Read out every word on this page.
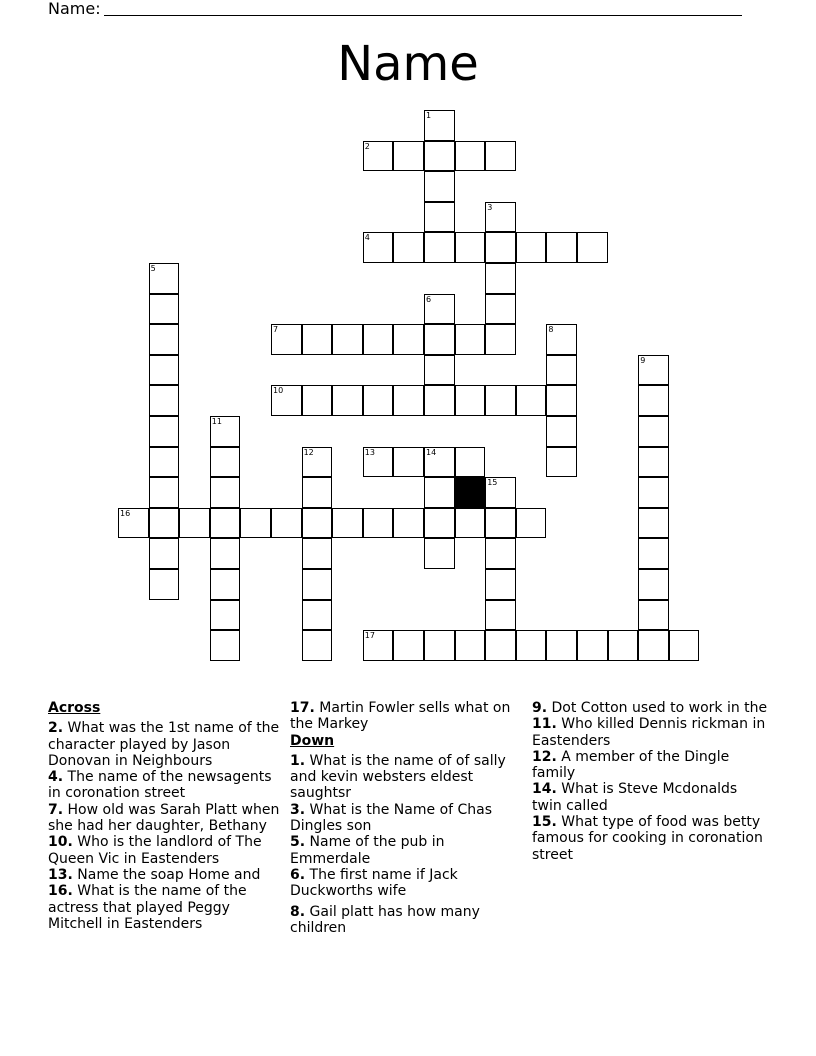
Name:
Name
1
2
3
4
5
6
7	8
9
10
11
12	13	14
15
16
17
Across
2. What was the 1st name of the character played by Jason Donovan in Neighbours
4. The name of the newsagents in coronation street
7. How old was Sarah Platt when she had her daughter, Bethany
10. Who is the landlord of The Queen Vic in Eastenders
13. Name the soap Home and
16. What is the name of the actress that played Peggy Mitchell in Eastenders
17. Martin Fowler sells what on the Markey
Down
1. What is the name of of sally and kevin websters eldest saughtsr
3. What is the Name of Chas Dingles son
5. Name of the pub in Emmerdale
6. The first name if Jack Duckworths wife
8. Gail platt has how many children
9. Dot Cotton used to work in the
11. Who killed Dennis rickman in Eastenders
12. A member of the Dingle family
14. What is Steve Mcdonalds twin called
15. What type of food was betty famous for cooking in coronation street
